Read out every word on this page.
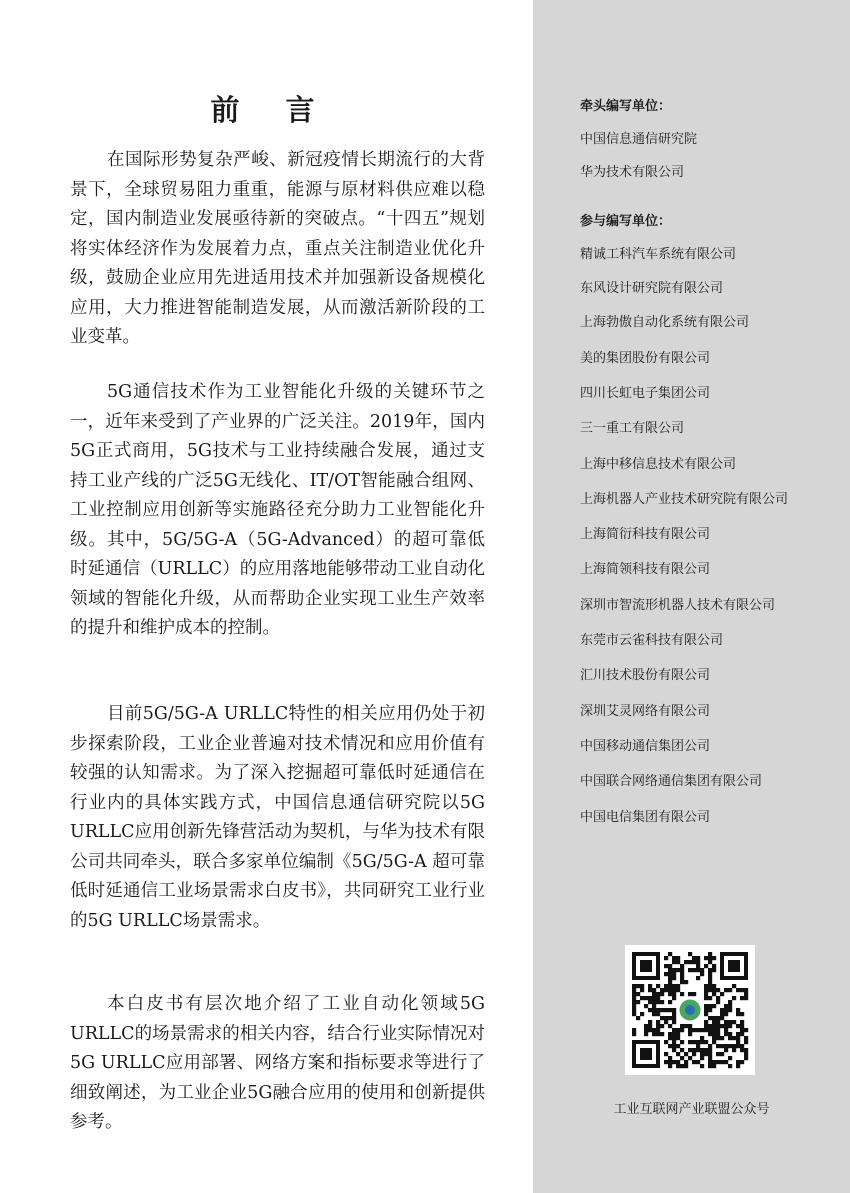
前 言

在国际形势复杂严峻、新冠疫情长期流行的大背景下，全球贸易阻力重重，能源与原材料供应难以稳定，国内制造业发展亟待新的突破点。“十四五”规划将实体经济作为发展着力点，重点关注制造业优化升级，鼓励企业应用先进适用技术并加强新设备规模化应用，大力推进智能制造发展，从而激活新阶段的工业变革。

5G通信技术作为工业智能化升级的关键环节之一，近年来受到了产业界的广泛关注。2019年，国内5G正式商用，5G技术与工业持续融合发展，通过支持工业产线的广泛5G无线化、IT/OT智能融合组网、工业控制应用创新等实施路径充分助力工业智能化升级。其中，5G/5G-A（5G-Advanced）的超可靠低时延通信（URLLC）的应用落地能够带动工业自动化领域的智能化升级，从而帮助企业实现工业生产效率的提升和维护成本的控制。

目前5G/5G-A URLLC特性的相关应用仍处于初步探索阶段，工业企业普遍对技术情况和应用价值有较强的认知需求。为了深入挖掘超可靠低时延通信在行业内的具体实践方式，中国信息通信研究院以5G URLLC应用创新先锋营活动为契机，与华为技术有限公司共同牵头，联合多家单位编制《5G/5G-A 超可靠低时延通信工业场景需求白皮书》，共同研究工业行业的5G URLLC场景需求。

本白皮书有层次地介绍了工业自动化领域5G URLLC的场景需求的相关内容，结合行业实际情况对5G URLLC应用部署、网络方案和指标要求等进行了细致阐述，为工业企业5G融合应用的使用和创新提供参考。

牵头编写单位：
中国信息通信研究院
华为技术有限公司
参与编写单位：
精诚工科汽车系统有限公司
东风设计研究院有限公司
上海勃傲自动化系统有限公司
美的集团股份有限公司
四川长虹电子集团公司
三一重工有限公司
上海中移信息技术有限公司
上海机器人产业技术研究院有限公司
上海简衍科技有限公司
上海简领科技有限公司
深圳市智流形机器人技术有限公司
东莞市云雀科技有限公司
汇川技术股份有限公司
深圳艾灵网络有限公司
中国移动通信集团公司
中国联合网络通信集团有限公司
中国电信集团有限公司
工业互联网产业联盟公众号
